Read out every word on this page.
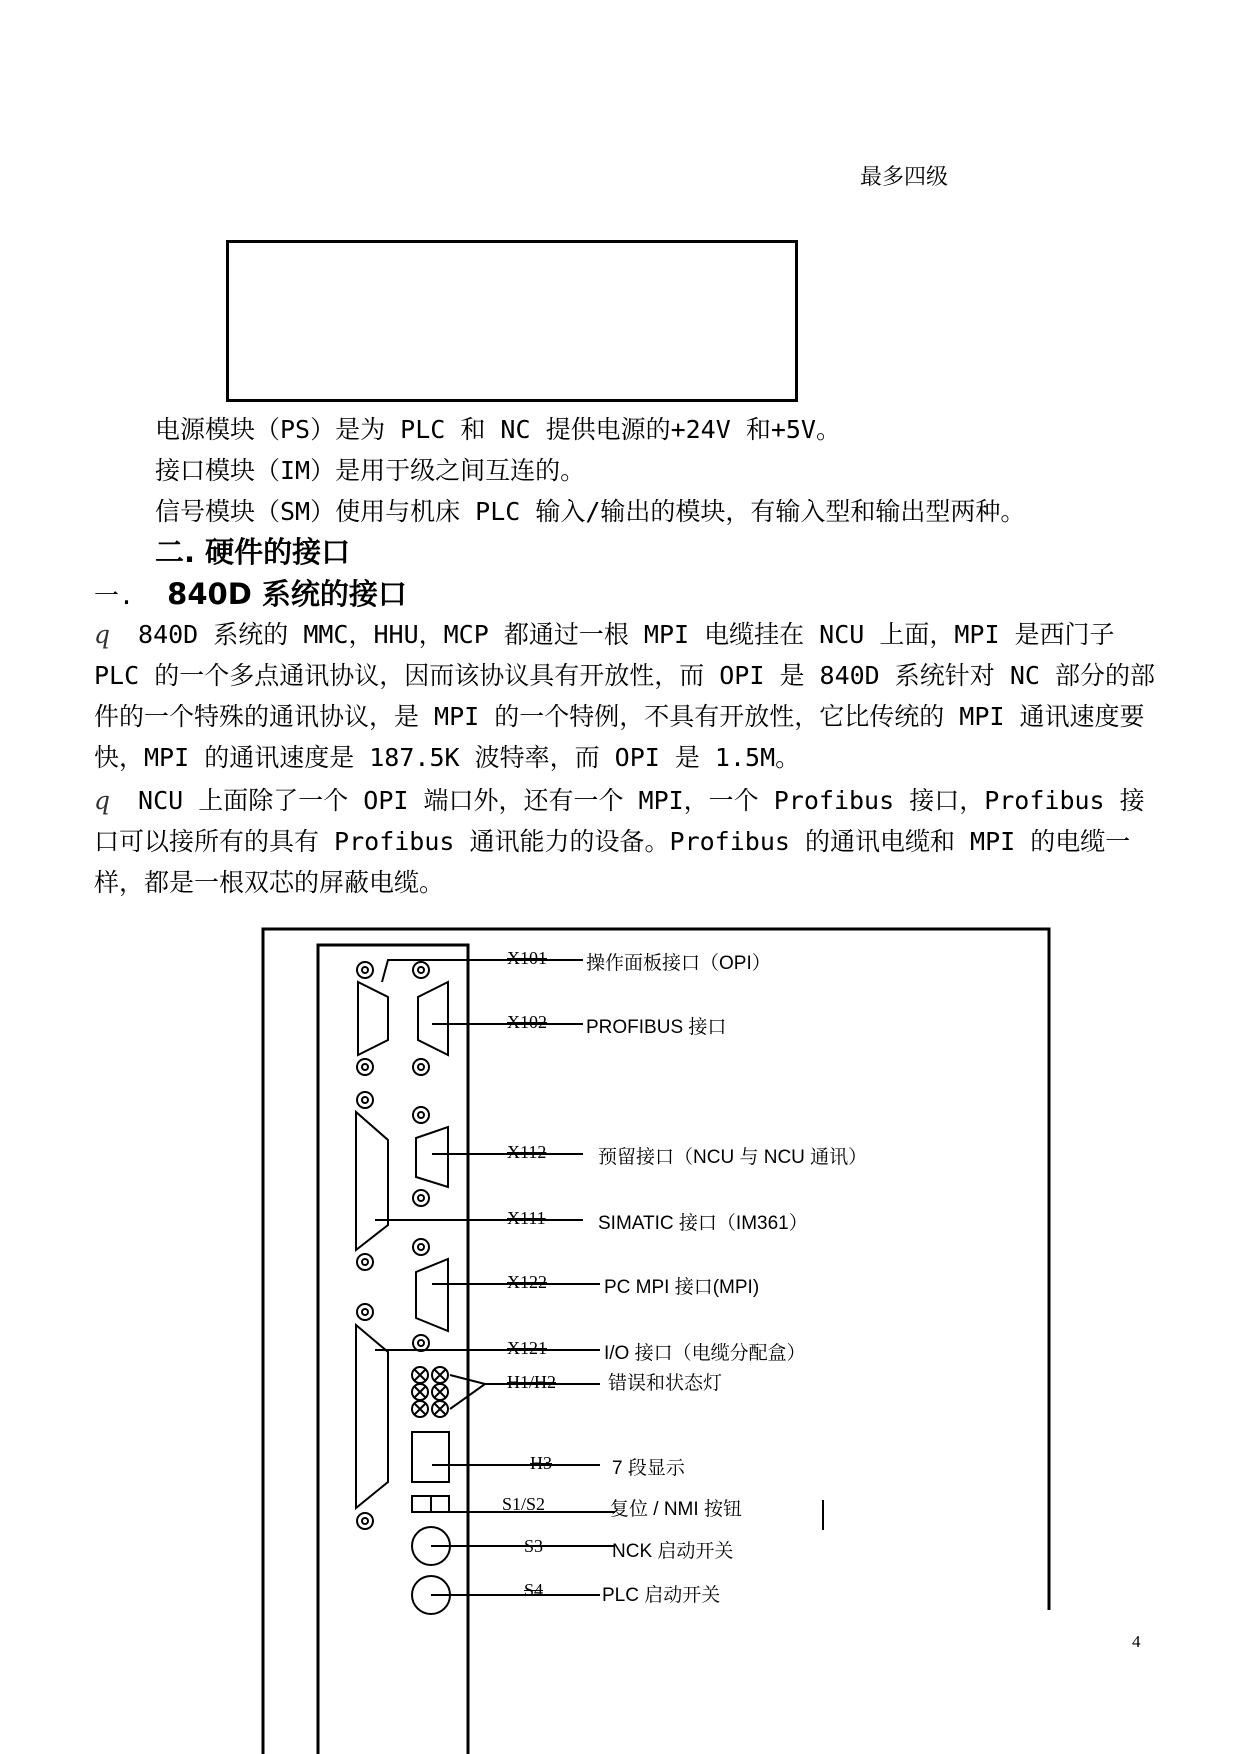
最多四级
电源模块（PS）是为 PLC 和 NC 提供电源的+24V 和+5V。
接口模块（IM）是用于级之间互连的。
信号模块（SM）使用与机床 PLC 输入/输出的模块，有输入型和输出型两种。
二. 硬件的接口
一. 840D 系统的接口
q 840D 系统的 MMC，HHU，MCP 都通过一根 MPI 电缆挂在 NCU 上面，MPI 是西门子 PLC 的一个多点通讯协议，因而该协议具有开放性，而 OPI 是 840D 系统针对 NC 部分的部件的一个特殊的通讯协议，是 MPI 的一个特例，不具有开放性，它比传统的 MPI 通讯速度要快，MPI 的通讯速度是 187.5K 波特率，而 OPI 是 1.5M。
q NCU 上面除了一个 OPI 端口外，还有一个 MPI，一个 Profibus 接口，Profibus 接口可以接所有的具有 Profibus 通讯能力的设备。Profibus 的通讯电缆和 MPI 的电缆一样，都是一根双芯的屏蔽电缆。
X101 操作面板接口（OPI）
X102 PROFIBUS 接口
X112	预留接口（NCU 与 NCU 通讯）
X111	SIMATIC 接口（IM361）
X122	PC MPI 接口(MPI)
X121	I/O 接口（电缆分配盒）
H1/H2	错误和状态灯
H3	7 段显示
S1/S2	复位 / NMI 按钮
S3	NCK 启动开关
S4	PLC 启动开关
4
